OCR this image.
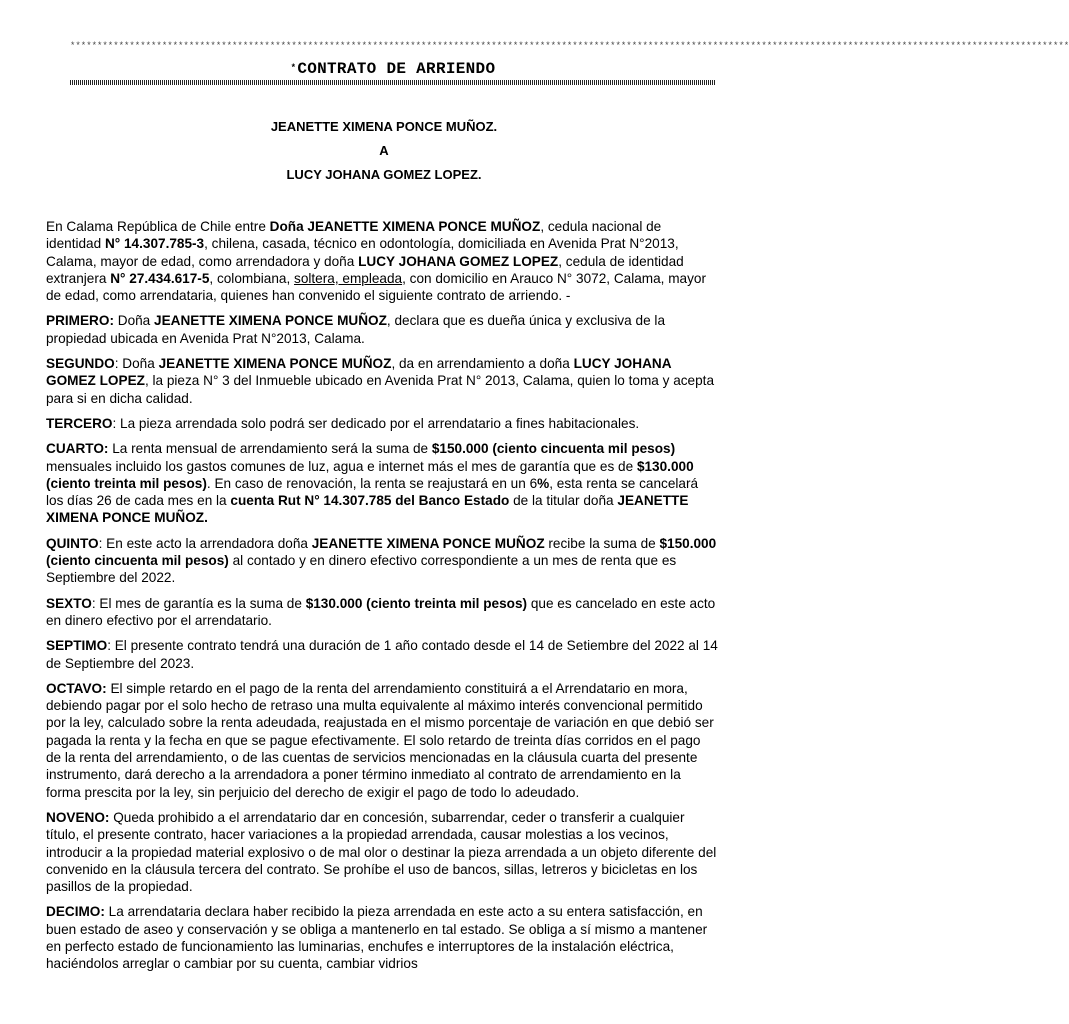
*****************************************************************************************************************************************************************************************
*CONTRATO DE ARRIENDO
JEANETTE XIMENA PONCE MUÑOZ.
A
LUCY JOHANA GOMEZ LOPEZ.

En Calama República de Chile entre Doña JEANETTE XIMENA PONCE MUÑOZ, cedula nacional de identidad N° 14.307.785-3, chilena, casada, técnico en odontología, domiciliada en Avenida Prat N°2013, Calama, mayor de edad, como arrendadora y doña LUCY JOHANA GOMEZ LOPEZ, cedula de identidad extranjera N° 27.434.617-5, colombiana, soltera, empleada, con domicilio en Arauco N° 3072, Calama, mayor de edad, como arrendataria, quienes han convenido el siguiente contrato de arriendo. -

PRIMERO: Doña JEANETTE XIMENA PONCE MUÑOZ, declara que es dueña única y exclusiva de la propiedad ubicada en Avenida Prat N°2013, Calama.

SEGUNDO: Doña JEANETTE XIMENA PONCE MUÑOZ, da en arrendamiento a doña LUCY JOHANA GOMEZ LOPEZ, la pieza N° 3 del Inmueble ubicado en Avenida Prat N° 2013, Calama, quien lo toma y acepta para si en dicha calidad.

TERCERO: La pieza arrendada solo podrá ser dedicado por el arrendatario a fines habitacionales.

CUARTO: La renta mensual de arrendamiento será la suma de $150.000 (ciento cincuenta mil pesos) mensuales incluido los gastos comunes de luz, agua e internet más el mes de garantía que es de $130.000 (ciento treinta mil pesos). En caso de renovación, la renta se reajustará en un 6%, esta renta se cancelará los días 26 de cada mes en la cuenta Rut N° 14.307.785 del Banco Estado de la titular doña JEANETTE XIMENA PONCE MUÑOZ.

QUINTO: En este acto la arrendadora doña JEANETTE XIMENA PONCE MUÑOZ recibe la suma de $150.000 (ciento cincuenta mil pesos) al contado y en dinero efectivo correspondiente a un mes de renta que es Septiembre del 2022.

SEXTO: El mes de garantía es la suma de $130.000 (ciento treinta mil pesos) que es cancelado en este acto en dinero efectivo por el arrendatario.

SEPTIMO: El presente contrato tendrá una duración de 1 año contado desde el 14 de Setiembre del 2022 al 14 de Septiembre del 2023.

OCTAVO: El simple retardo en el pago de la renta del arrendamiento constituirá a el Arrendatario en mora, debiendo pagar por el solo hecho de retraso una multa equivalente al máximo interés convencional permitido por la ley, calculado sobre la renta adeudada, reajustada en el mismo porcentaje de variación en que debió ser pagada la renta y la fecha en que se pague efectivamente. El solo retardo de treinta días corridos en el pago de la renta del arrendamiento, o de las cuentas de servicios mencionadas en la cláusula cuarta del presente instrumento, dará derecho a la arrendadora a poner término inmediato al contrato de arrendamiento en la forma prescita por la ley, sin perjuicio del derecho de exigir el pago de todo lo adeudado.

NOVENO: Queda prohibido a el arrendatario dar en concesión, subarrendar, ceder o transferir a cualquier título, el presente contrato, hacer variaciones a la propiedad arrendada, causar molestias a los vecinos, introducir a la propiedad material explosivo o de mal olor o destinar la pieza arrendada a un objeto diferente del convenido en la cláusula tercera del contrato. Se prohíbe el uso de bancos, sillas, letreros y bicicletas en los pasillos de la propiedad.

DECIMO: La arrendataria declara haber recibido la pieza arrendada en este acto a su entera satisfacción, en buen estado de aseo y conservación y se obliga a mantenerlo en tal estado. Se obliga a sí mismo a mantener en perfecto estado de funcionamiento las luminarias, enchufes e interruptores de la instalación eléctrica, haciéndolos arreglar o cambiar por su cuenta, cambiar vidrios
